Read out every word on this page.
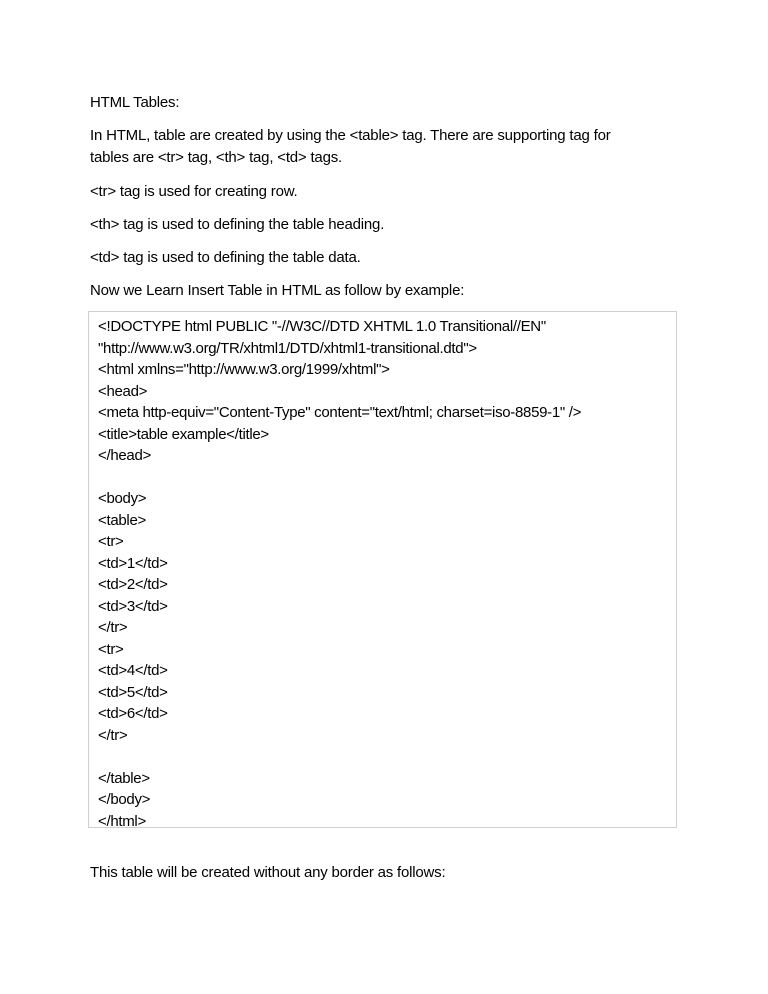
HTML Tables:
In HTML, table are created by using the <table> tag. There are supporting tag for
tables are <tr> tag, <th> tag, <td> tags.
<tr> tag is used for creating row.
<th> tag is used to defining the table heading.
<td> tag is used to defining the table data.
Now we Learn Insert Table in HTML as follow by example:
<!DOCTYPE html PUBLIC "-//W3C//DTD XHTML 1.0 Transitional//EN"
"http://www.w3.org/TR/xhtml1/DTD/xhtml1-transitional.dtd">
<html xmlns="http://www.w3.org/1999/xhtml">
<head>
<meta http-equiv="Content-Type" content="text/html; charset=iso-8859-1" />
<title>table example</title>
</head>
<body>
<table>
<tr>
<td>1</td>
<td>2</td>
<td>3</td>
</tr>
<tr>
<td>4</td>
<td>5</td>
<td>6</td>
</tr>
</table>
</body>
</html>
This table will be created without any border as follows:
